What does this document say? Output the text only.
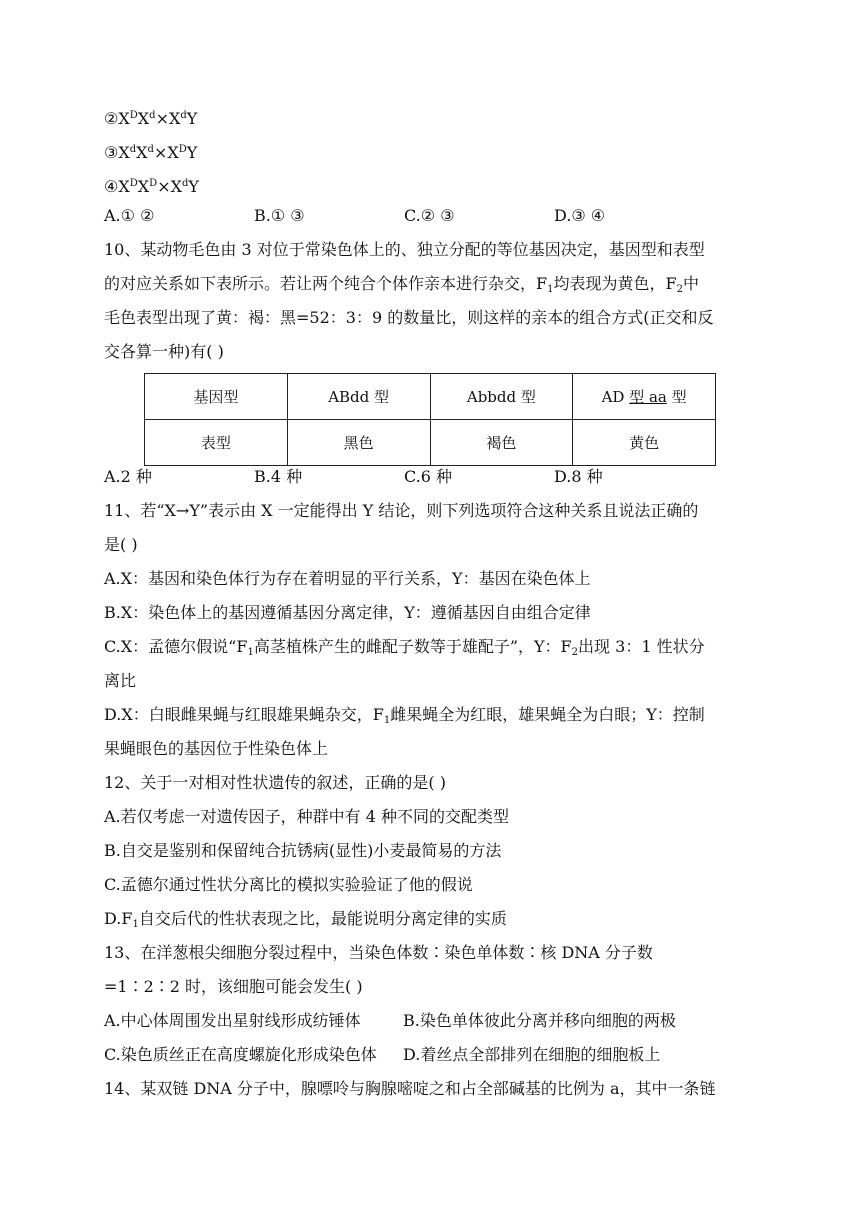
$②X^DX^d\times X^dY$
$③X^dX^d\times X^DY$
$④X^DX^D\times X^dY$
A.① ②	B.① ③	C.② ③	D.③ ④
10、某动物毛色由 3 对位于常染色体上的、独立分配的等位基因决定，基因型和表型
的对应关系如下表所示。若让两个纯合个体作亲本进行杂交，$F_1$均表现为黄色，$F_2$中
毛色表型出现了黄：褐：黑=52：3：9 的数量比，则这样的亲本的组合方式(正交和反
交各算一种)有( )
基因型	ABdd 型	Abbdd 型	AD 型 aa 型
表型	黑色	褐色	黄色
A.2 种	B.4 种	C.6 种	D.8 种
11、若“X→Y”表示由 X 一定能得出 Y 结论，则下列选项符合这种关系且说法正确的
是( )
A.X：基因和染色体行为存在着明显的平行关系，Y：基因在染色体上
B.X：染色体上的基因遵循基因分离定律，Y：遵循基因自由组合定律
C.X：孟德尔假说“$F_1$高茎植株产生的雌配子数等于雄配子”，Y：$F_2$出现 3：1 性状分
离比
D.X：白眼雌果蝇与红眼雄果蝇杂交，$F_1$雌果蝇全为红眼，雄果蝇全为白眼；Y：控制
果蝇眼色的基因位于性染色体上
12、关于一对相对性状遗传的叙述，正确的是( )
A.若仅考虑一对遗传因子，种群中有 4 种不同的交配类型
B.自交是鉴别和保留纯合抗锈病(显性)小麦最简易的方法
C.孟德尔通过性状分离比的模拟实验验证了他的假说
$D.F_1$自交后代的性状表现之比，最能说明分离定律的实质
13、在洋葱根尖细胞分裂过程中，当染色体数∶染色单体数∶核 DNA 分子数
=1∶2∶2 时，该细胞可能会发生( )
A.中心体周围发出星射线形成纺锤体	B.染色单体彼此分离并移向细胞的两极
C.染色质丝正在高度螺旋化形成染色体 D.着丝点全部排列在细胞的细胞板上
14、某双链 DNA 分子中，腺嘌呤与胸腺嘧啶之和占全部碱基的比例为 a，其中一条链
